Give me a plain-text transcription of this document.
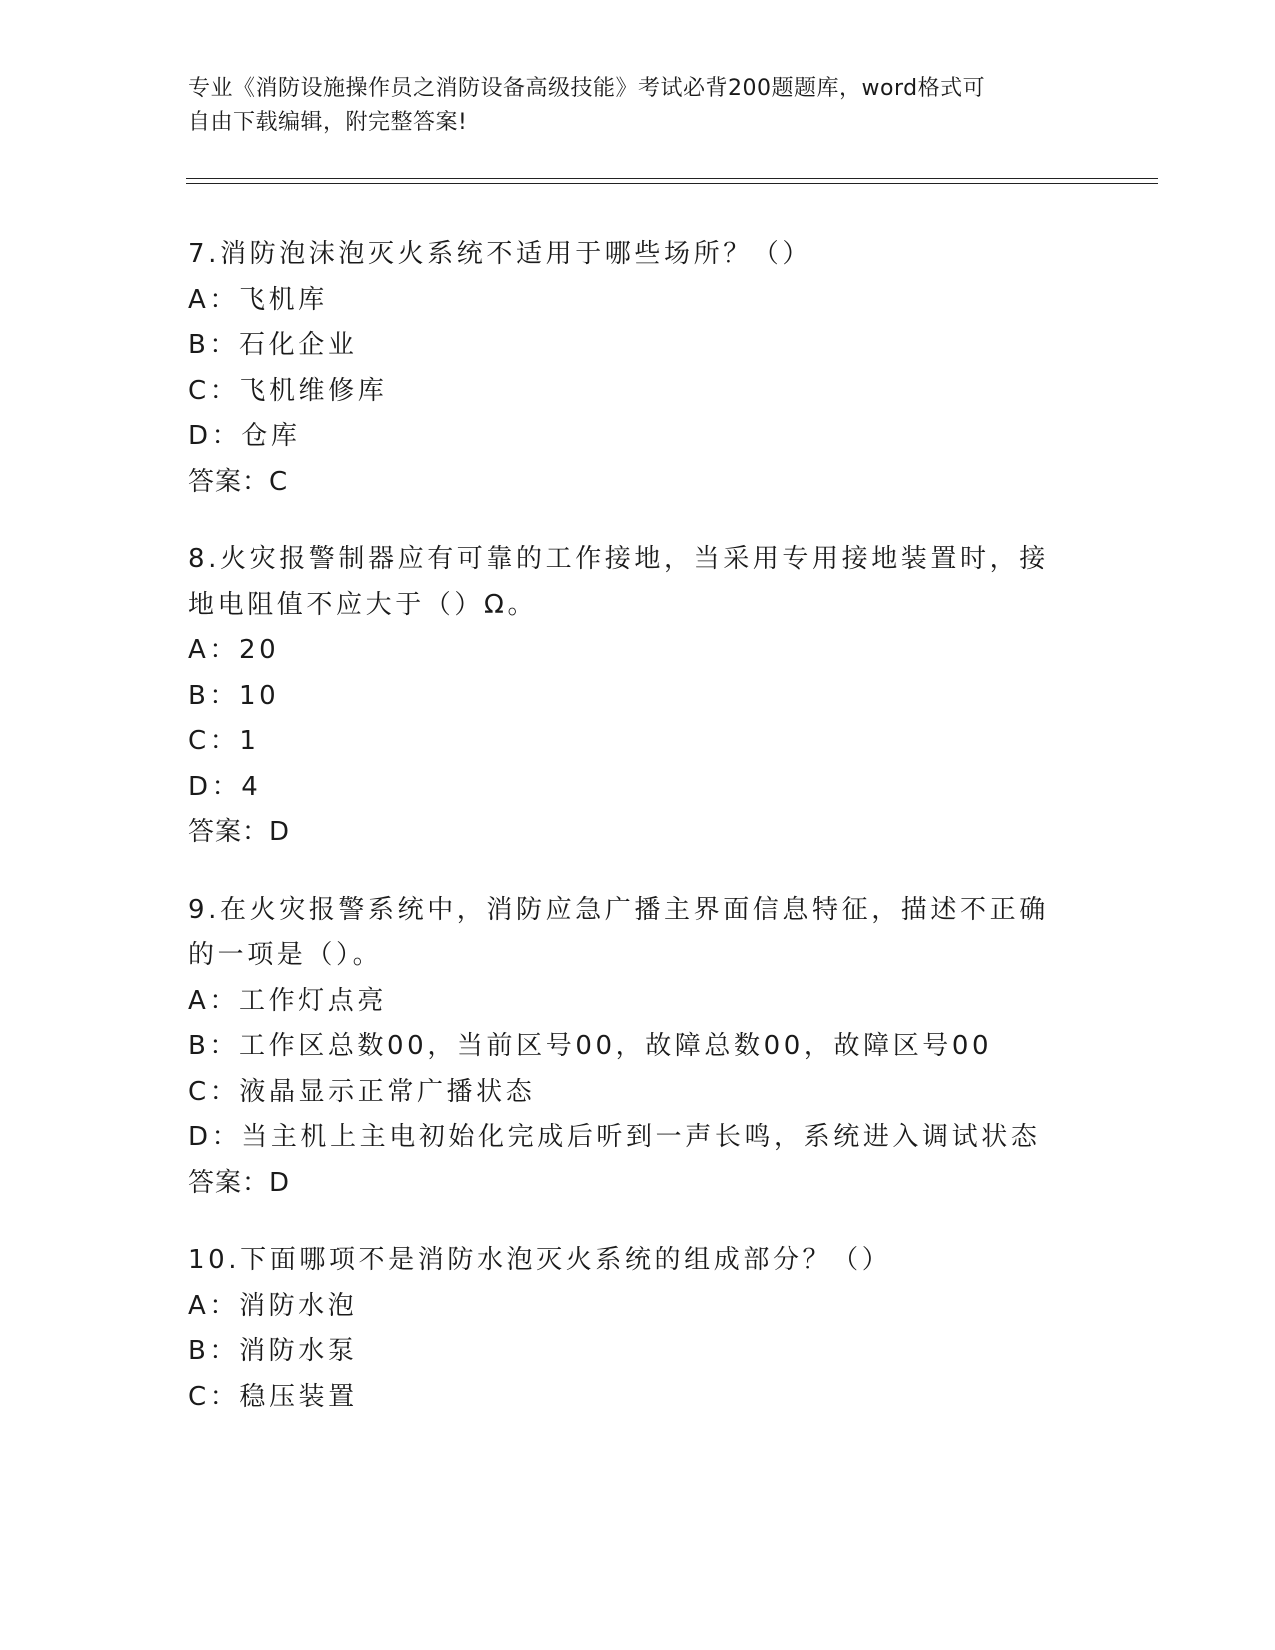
专业《消防设施操作员之消防设备高级技能》考试必背200题题库，word格式可
自由下载编辑，附完整答案!
7.消防泡沫泡灭火系统不适用于哪些场所？（）
A：飞机库
B：石化企业
C：飞机维修库
D：仓库
答案：C
8.火灾报警制器应有可靠的工作接地，当采用专用接地装置时，接地电阻值不应大于（）Ω。
A：20
B：10
C：1
D：4
答案：D
9.在火灾报警系统中，消防应急广播主界面信息特征，描述不正确的一项是（）。
A：工作灯点亮
B：工作区总数00，当前区号00，故障总数00，故障区号00
C：液晶显示正常广播状态
D：当主机上主电初始化完成后听到一声长鸣，系统进入调试状态
答案：D
10.下面哪项不是消防水泡灭火系统的组成部分？（）
A：消防水泡
B：消防水泵
C：稳压装置
